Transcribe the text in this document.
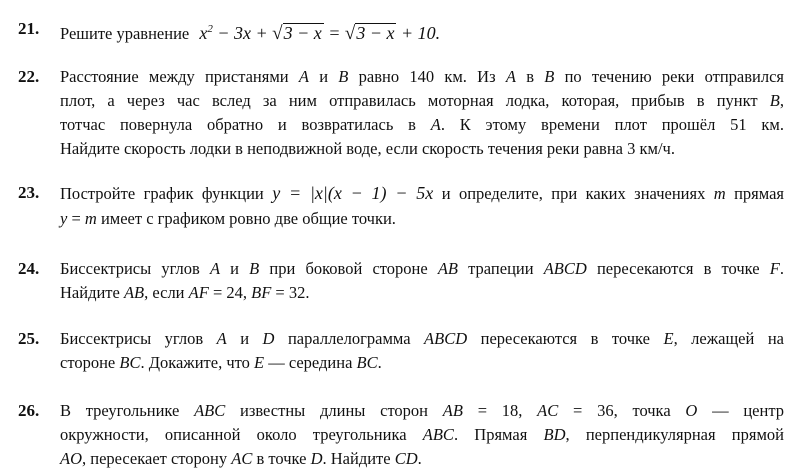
21. Решите уравнение $x^2 - 3x + √3 - x = √3 - x + 10$.
22. Расстояние между пристанями A и B равно 140 км. Из A в B по течению реки отправился
плот, а через час вслед за ним отправилась моторная лодка, которая, прибыв в пункт B,
тотчас повернула обратно и возвратилась в A. К этому времени плот прошёл 51 км.
Найдите скорость лодки в неподвижной воде, если скорость течения реки равна 3 км/ч.
23. Постройте график функции y = |x|(x − 1) − 5x и определите, при каких значениях m прямая
y = m имеет с графиком ровно две общие точки.
24. Биссектрисы углов A и B при боковой стороне AB трапеции ABCD пересекаются в точке F.
Найдите AB, если AF = 24, BF = 32.
25. Биссектрисы углов A и D параллелограмма ABCD пересекаются в точке E, лежащей на
стороне BC. Докажите, что E — середина BC.
26. В треугольнике ABC известны длины сторон AB = 18, AC = 36, точка O — центр
окружности, описанной около треугольника ABC. Прямая BD, перпендикулярная прямой
AO, пересекает сторону AC в точке D. Найдите CD.
